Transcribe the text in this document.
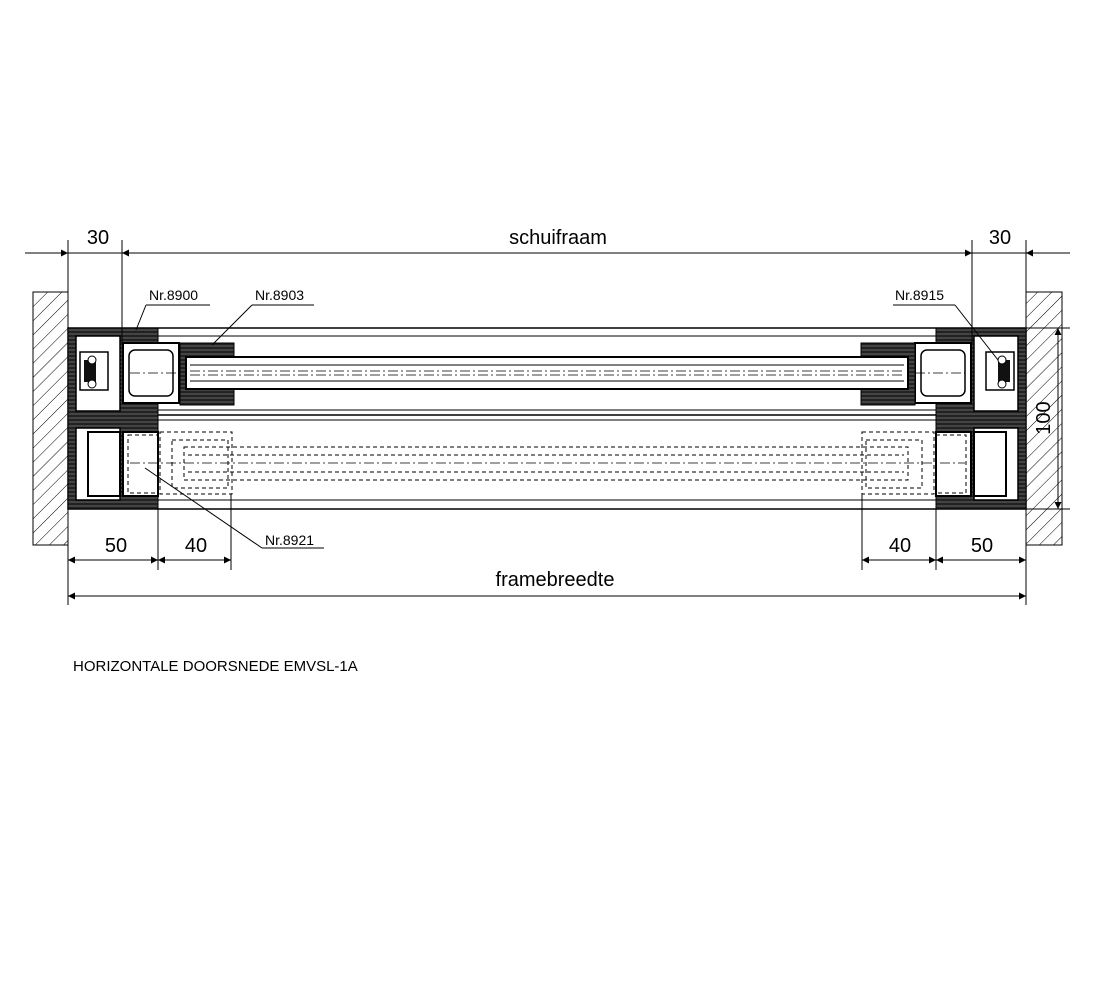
30	schuifraam	30
100
50	40	40	50
framebreedte
Nr.8900	Nr.8903	Nr.8915
Nr.8921
HORIZONTALE DOORSNEDE EMVSL-1A
